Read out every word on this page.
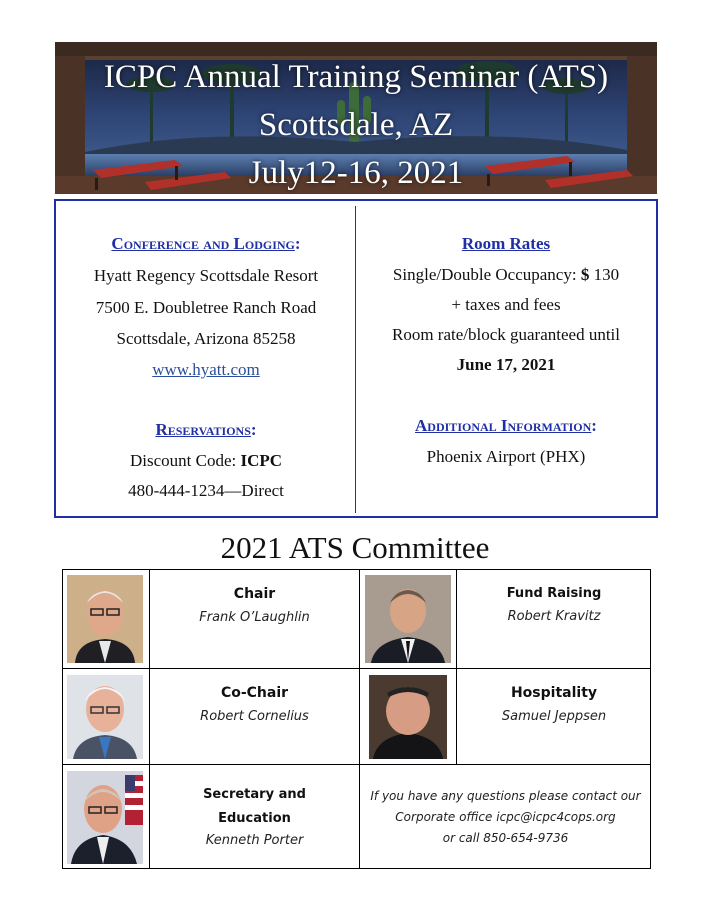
ICPC Annual Training Seminar (ATS)
Scottsdale, AZ
July12-16, 2021
Conference and Lodging:
Hyatt Regency Scottsdale Resort
7500 E. Doubletree Ranch Road
Scottsdale, Arizona 85258
www.hyatt.com
Reservations:
Discount Code: ICPC
480-444-1234—Direct
Room Rates
Single/Double Occupancy: $ 130
+ taxes and fees
Room rate/block guaranteed until
June 17, 2021
Additional Information:
Phoenix Airport (PHX)
2021 ATS Committee
Chair
Frank O’Laughlin
Fund Raising
Robert Kravitz
Co-Chair
Robert Cornelius
Hospitality
Samuel Jeppsen
Secretary and
Education
Kenneth Porter
If you have any questions please contact our
Corporate office icpc@icpc4cops.org
or call 850-654-9736
